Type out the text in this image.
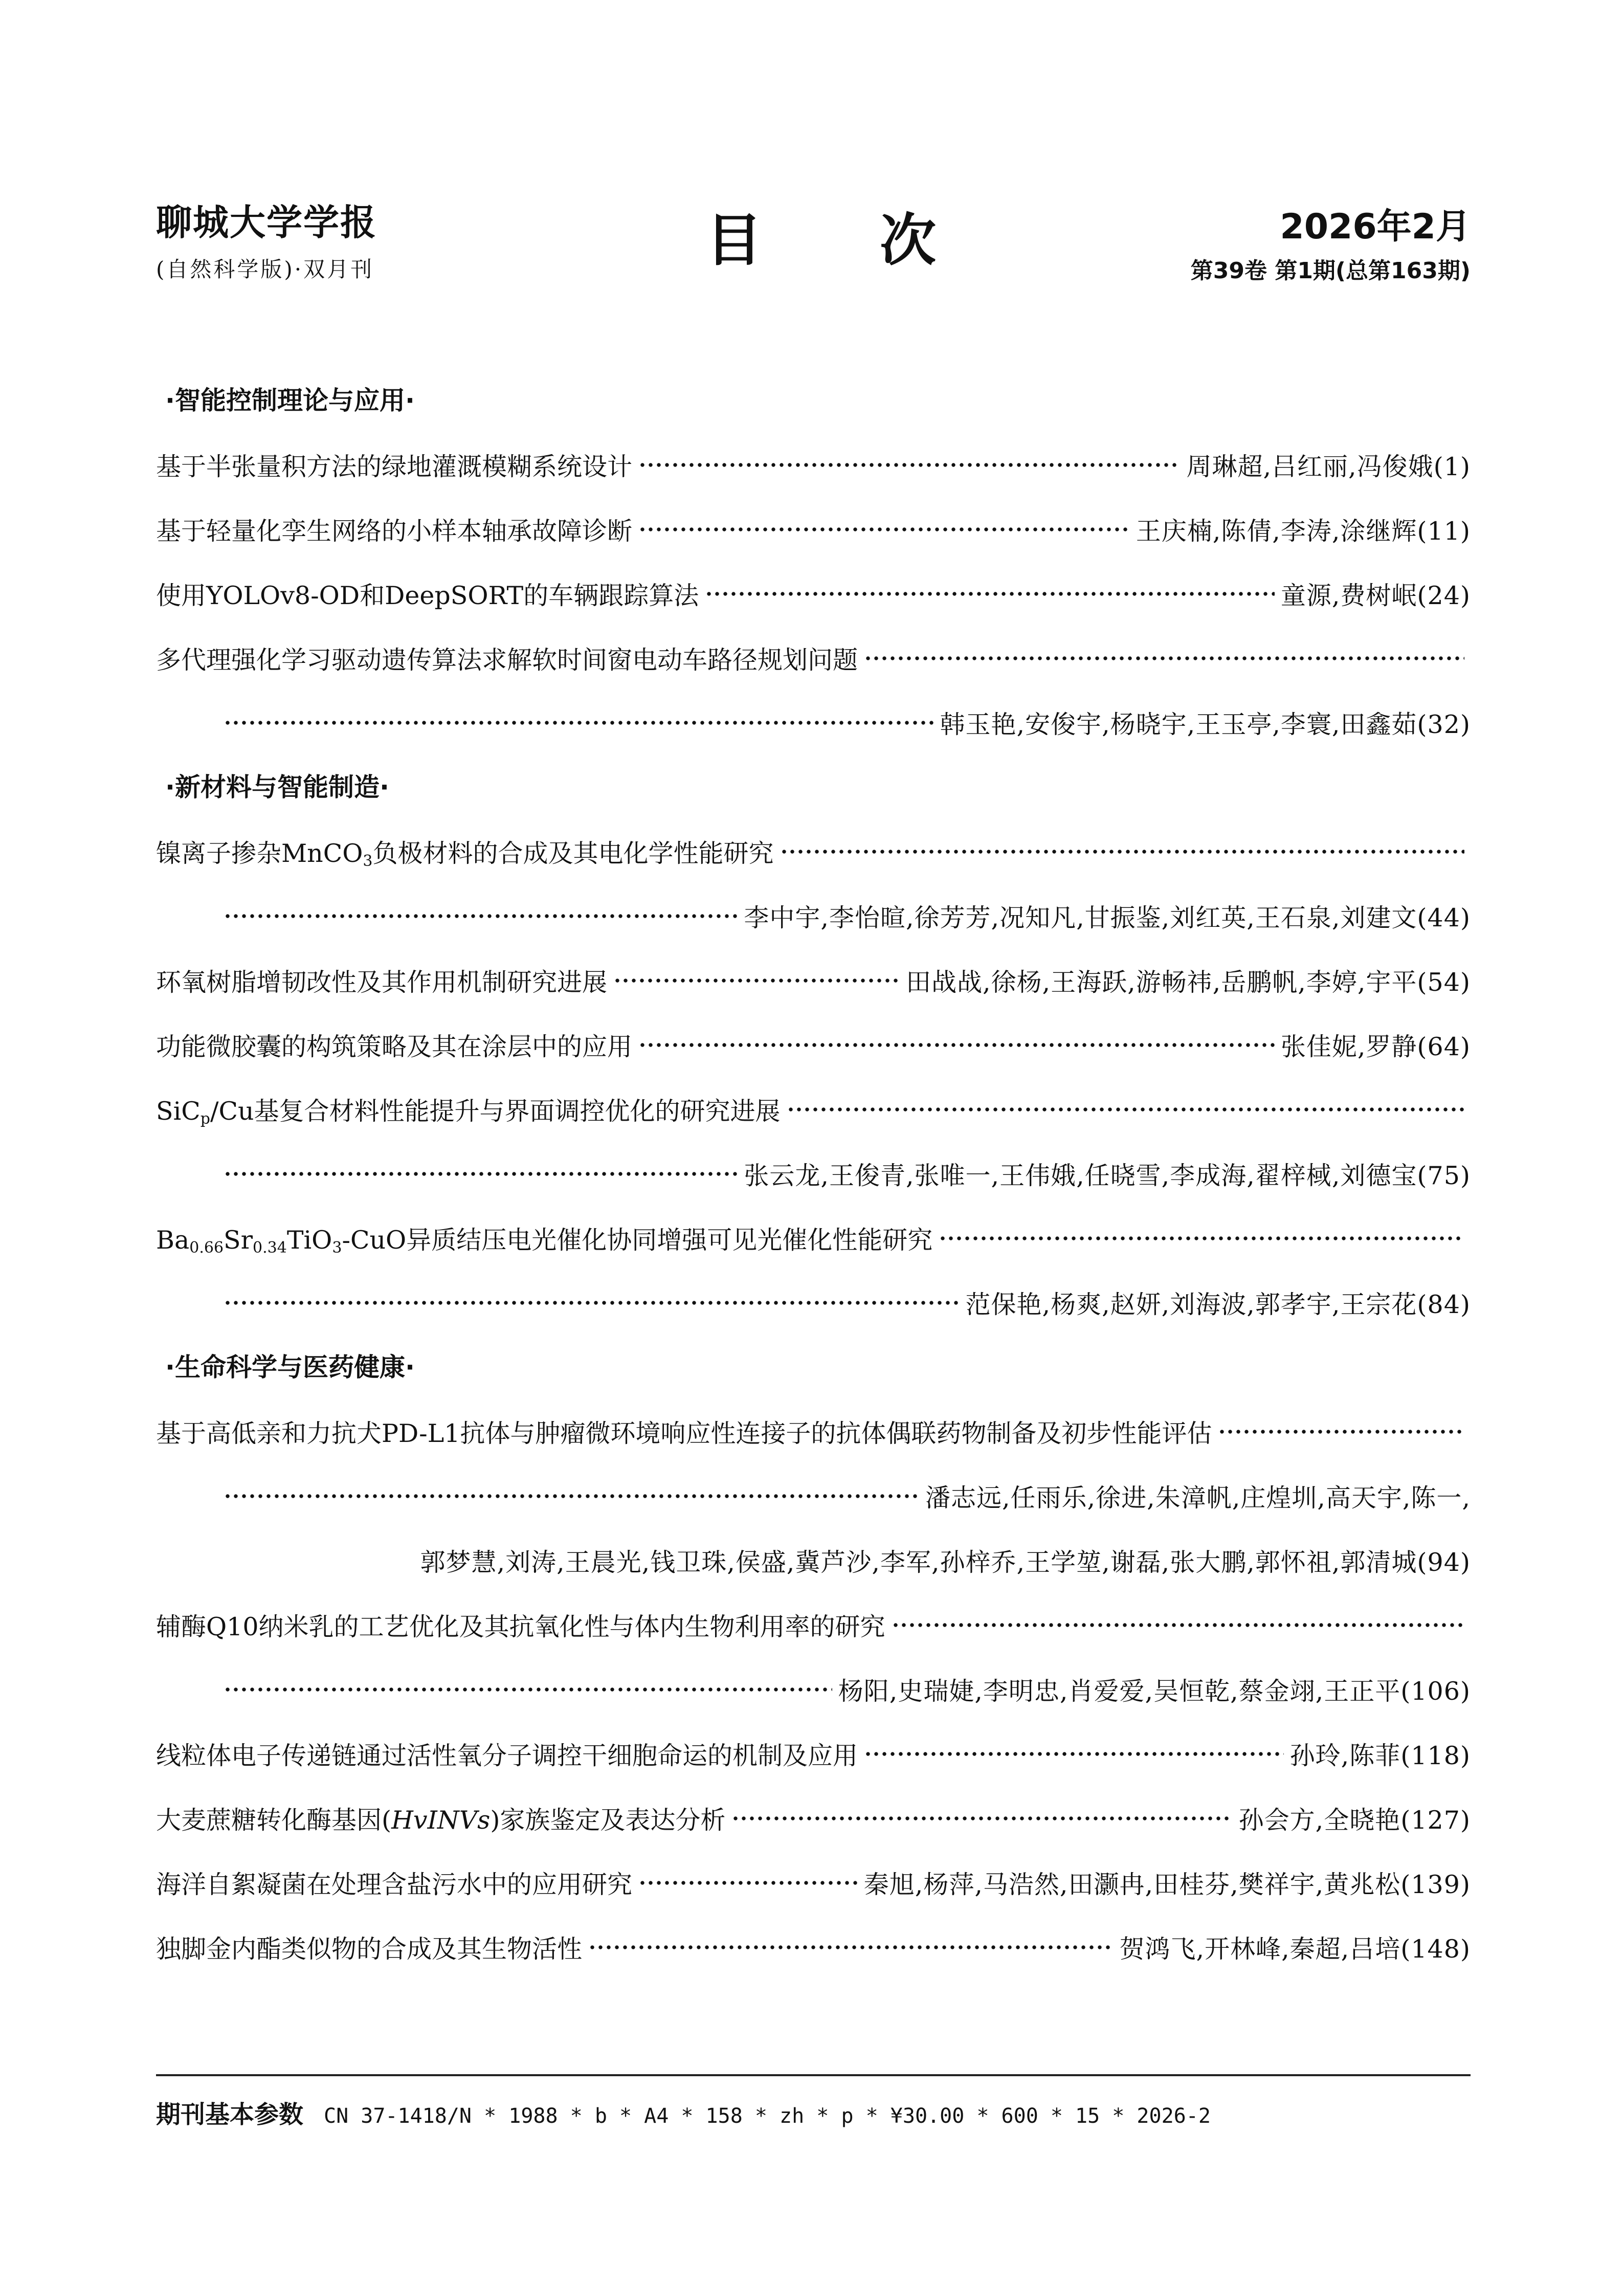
聊城大学学报
(自然科学版)·双月刊	目 次	2026年2月
第39卷 第1期(总第163期)
·智能控制理论与应用·
基于半张量积方法的绿地灌溉模糊系统设计	周琳超,吕红丽,冯俊娥(1)
基于轻量化孪生网络的小样本轴承故障诊断	王庆楠,陈倩,李涛,涂继辉(11)
使用YOLOv8-OD和DeepSORT的车辆跟踪算法	童源,费树岷(24)
多代理强化学习驱动遗传算法求解软时间窗电动车路径规划问题
韩玉艳,安俊宇,杨晓宇,王玉亭,李寰,田鑫茹(32)
·新材料与智能制造·
镍离子掺杂MnCO$_3$负极材料的合成及其电化学性能研究
李中宇,李怡暄,徐芳芳,况知凡,甘振鉴,刘红英,王石泉,刘建文(44)
环氧树脂增韧改性及其作用机制研究进展	田战战,徐杨,王海跃,游畅祎,岳鹏帆,李婷,宇平(54)
功能微胶囊的构筑策略及其在涂层中的应用	张佳妮,罗静(64)
SiC$_p$/Cu基复合材料性能提升与界面调控优化的研究进展
张云龙,王俊青,张唯一,王伟娥,任晓雪,李成海,翟梓棫,刘德宝(75)
$Ba_{0.66}Sr_{0.34}TiO_3$-CuO异质结压电光催化协同增强可见光催化性能研究
范保艳,杨爽,赵妍,刘海波,郭孝宇,王宗花(84)
·生命科学与医药健康·
基于高低亲和力抗犬PD-L1抗体与肿瘤微环境响应性连接子的抗体偶联药物制备及初步性能评估
潘志远,任雨乐,徐进,朱漳帆,庄煌圳,高天宇,陈一,
郭梦慧,刘涛,王晨光,钱卫珠,侯盛,冀芦沙,李军,孙梓乔,王学堃,谢磊,张大鹏,郭怀祖,郭清城(94)
辅酶Q10纳米乳的工艺优化及其抗氧化性与体内生物利用率的研究
杨阳,史瑞婕,李明忠,肖爱爱,吴恒乾,蔡金翊,王正平(106)
线粒体电子传递链通过活性氧分子调控干细胞命运的机制及应用	孙玲,陈菲(118)
大麦蔗糖转化酶基因(HvINVs)家族鉴定及表达分析	孙会方,全晓艳(127)
海洋自絮凝菌在处理含盐污水中的应用研究	秦旭,杨萍,马浩然,田灏冉,田桂芬,樊祥宇,黄兆松(139)
独脚金内酯类似物的合成及其生物活性	贺鸿飞,开林峰,秦超,吕培(148)
期刊基本参数 CN 37-1418/N * 1988 * b * A4 * 158 * zh * p * ¥30.00 * 600 * 15 * 2026-2
